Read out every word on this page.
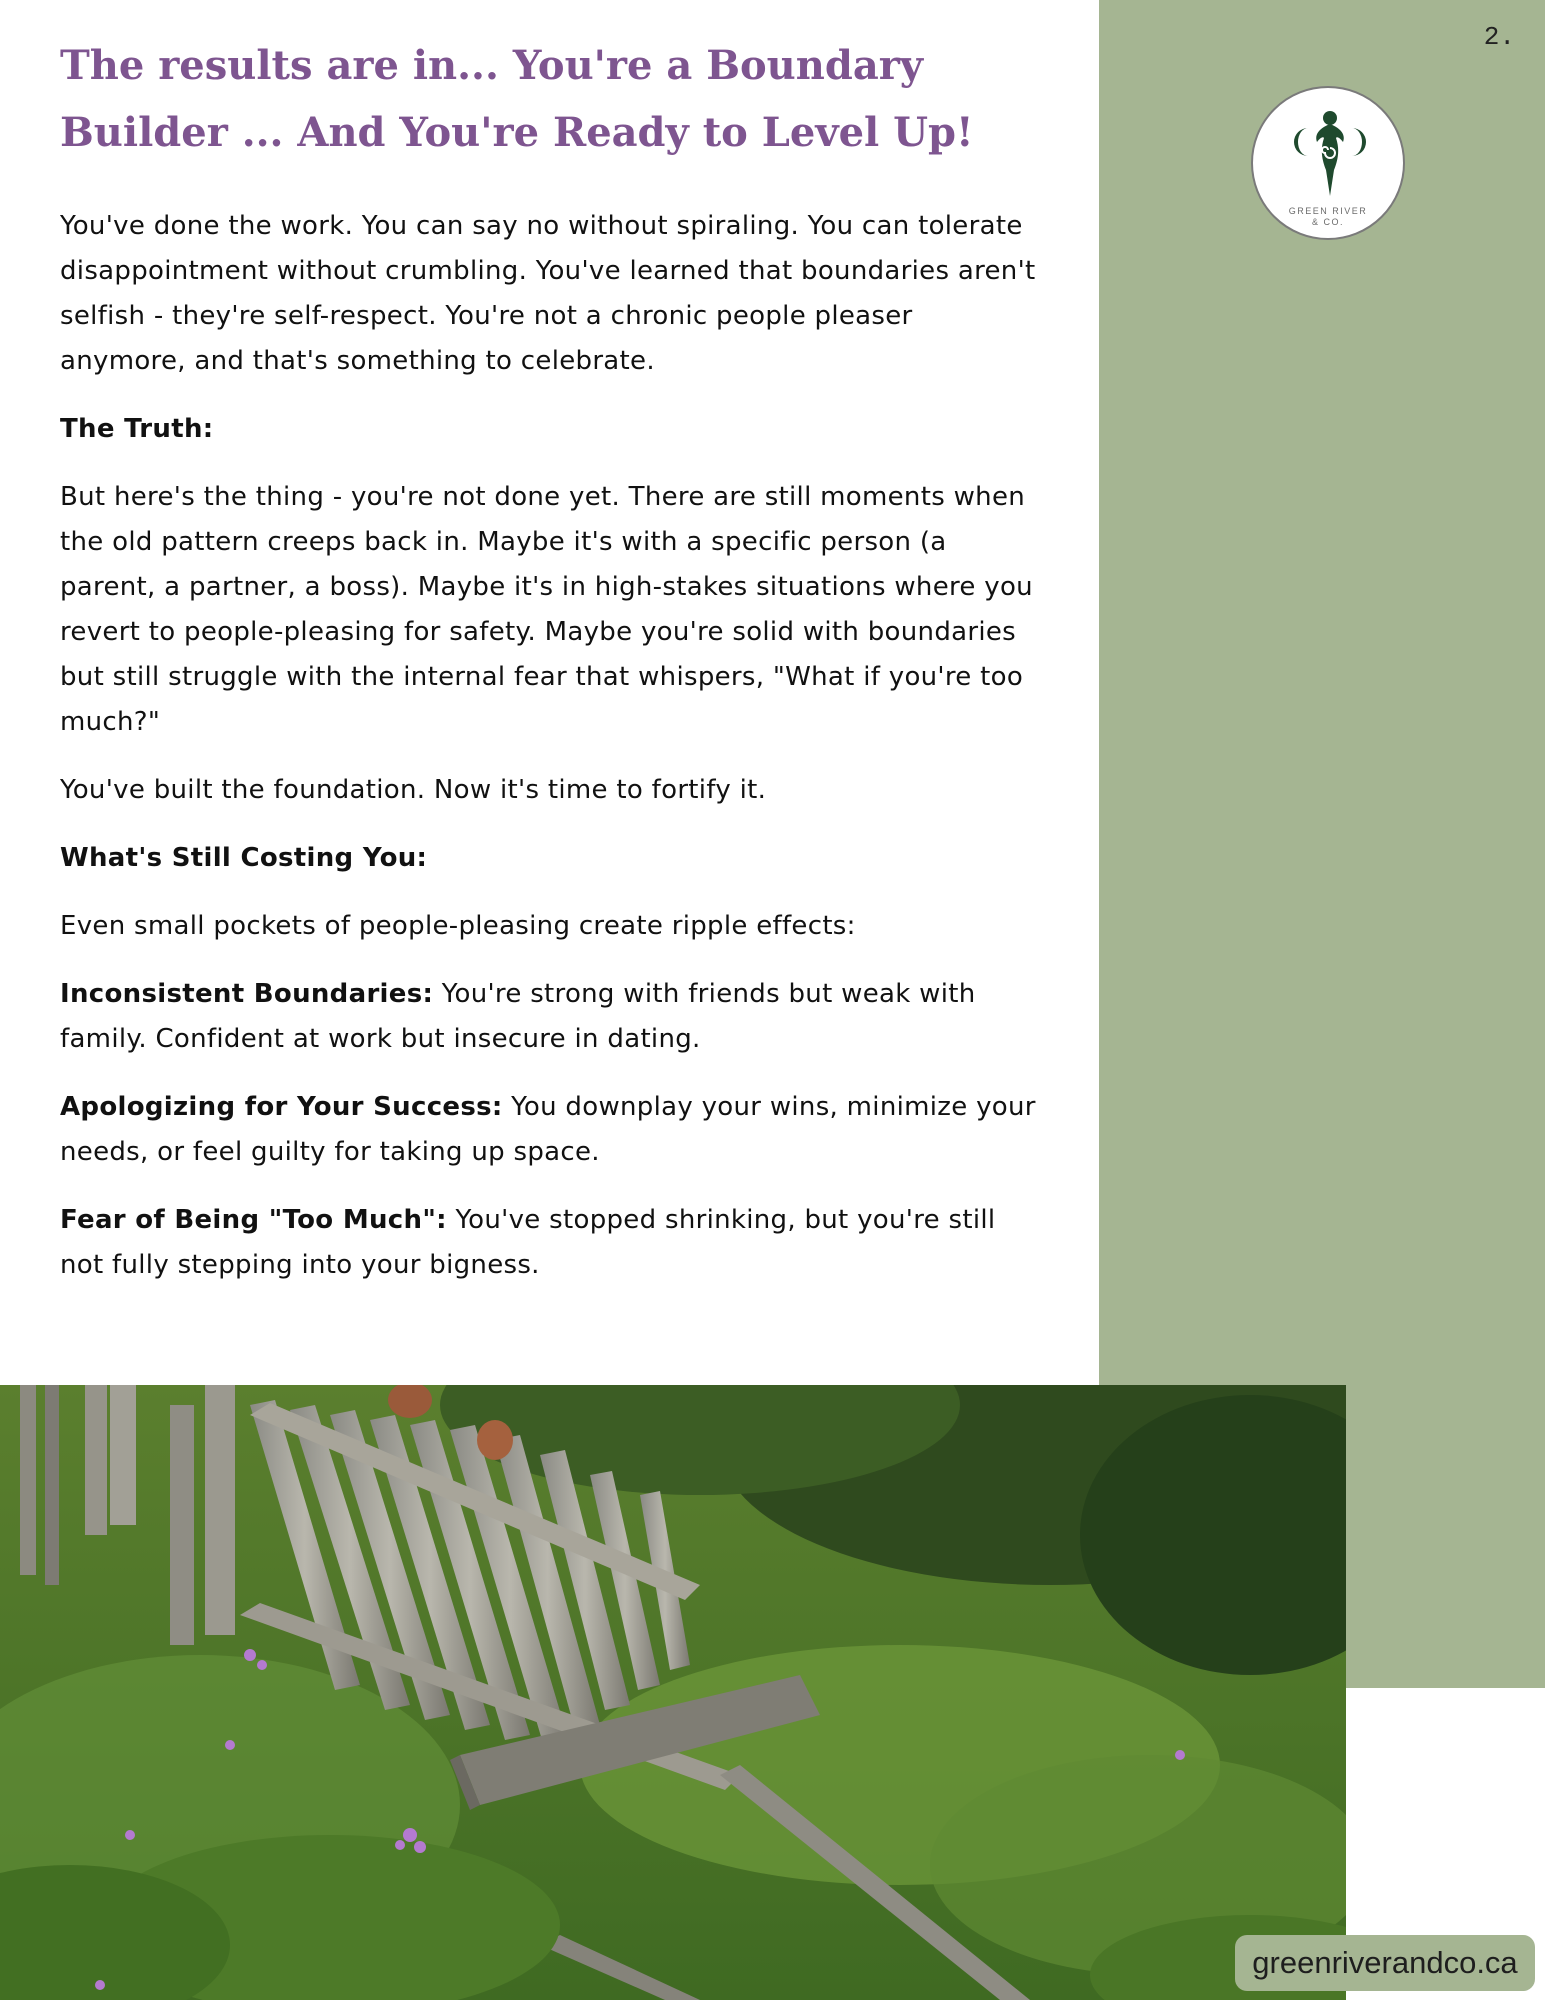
2.
GREEN RIVER
& CO.
The results are in... You're a Boundary Builder ... And You're Ready to Level Up!

You've done the work. You can say no without spiraling. You can tolerate disappointment without crumbling. You've learned that boundaries aren't selfish - they're self-respect. You're not a chronic people pleaser anymore, and that's something to celebrate.

The Truth:

But here's the thing - you're not done yet. There are still moments when the old pattern creeps back in. Maybe it's with a specific person (a parent, a partner, a boss). Maybe it's in high-stakes situations where you revert to people-pleasing for safety. Maybe you're solid with boundaries but still struggle with the internal fear that whispers, "What if you're too much?"

You've built the foundation. Now it's time to fortify it.

What's Still Costing You:

Even small pockets of people-pleasing create ripple effects:

Inconsistent Boundaries: You're strong with friends but weak with family. Confident at work but insecure in dating.

Apologizing for Your Success: You downplay your wins, minimize your needs, or feel guilty for taking up space.

Fear of Being "Too Much": You've stopped shrinking, but you're still not fully stepping into your bigness.

greenriverandco.ca
